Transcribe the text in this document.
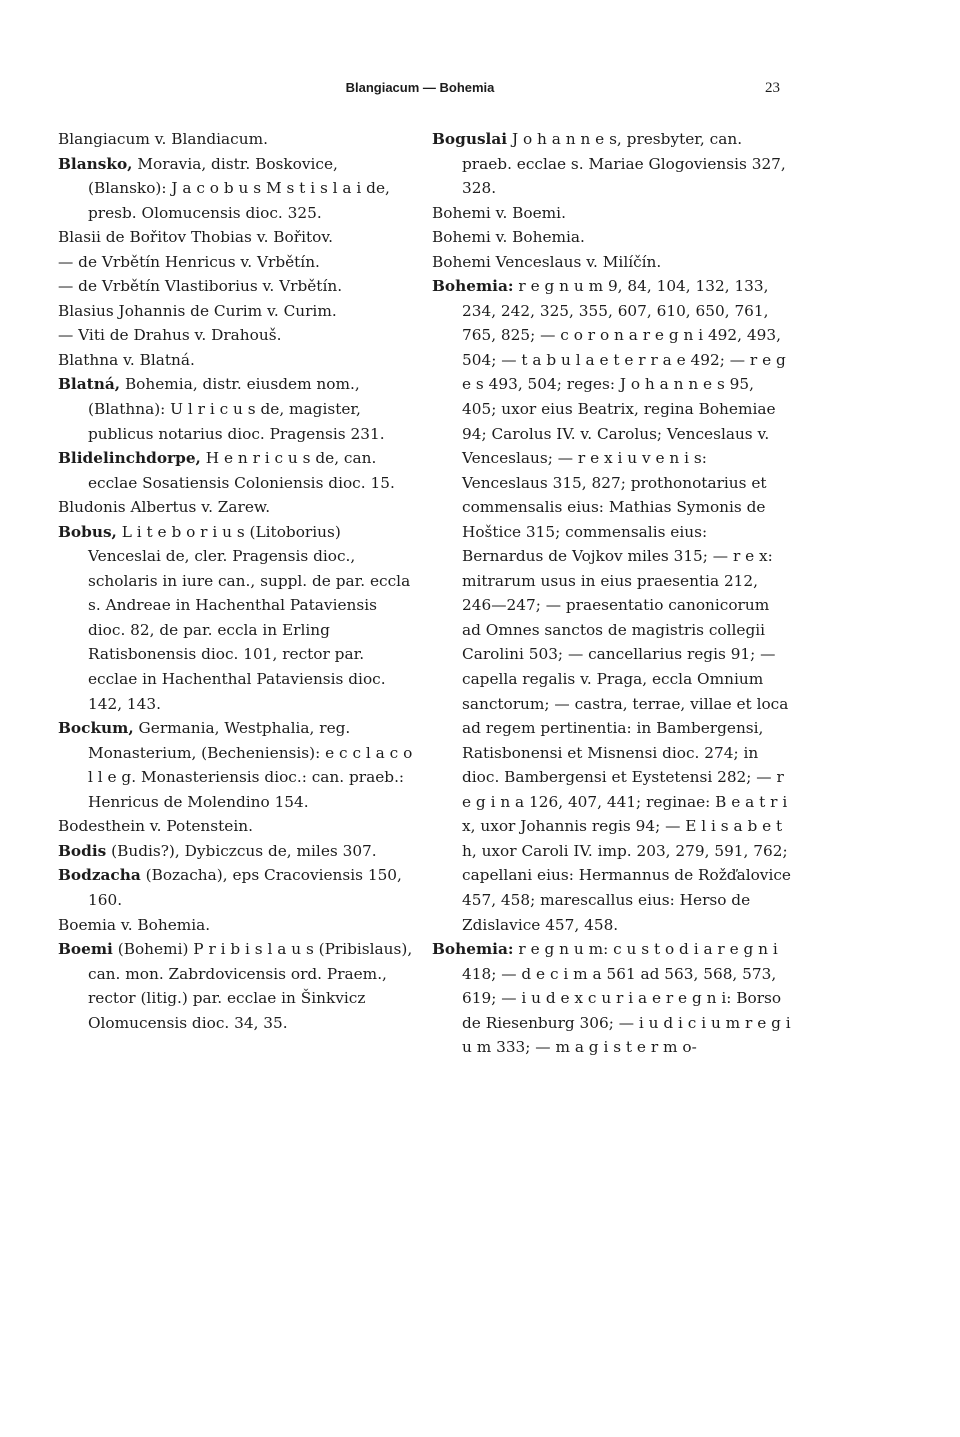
Blangiacum — Bohemia	23

Blangiacum v. Blandiacum.

Blansko, Moravia, distr. Boskovice, (Blansko): J a c o b u s M s t i s l a i de, presb. Olomucensis dioc. 325.

Blasii de Bořitov Thobias v. Bořitov.

— de Vrbětín Henricus v. Vrbětín.

— de Vrbětín Vlastiborius v. Vrbětín.

Blasius Johannis de Curim v. Curim.

— Viti de Drahus v. Drahouš.

Blathna v. Blatná.

Blatná, Bohemia, distr. eiusdem nom., (Blathna): U l r i c u s de, magister, publicus notarius dioc. Pragensis 231.

Blidelinchdorpe, H e n r i c u s de, can. ecclae Sosatiensis Coloniensis dioc. 15.

Bludonis Albertus v. Zarew.

Bobus, L i t e b o r i u s (Litoborius) Venceslai de, cler. Pragensis dioc., scholaris in iure can., suppl. de par. eccla s. Andreae in Hachenthal Pataviensis dioc. 82, de par. eccla in Erling Ratisbonensis dioc. 101, rector par. ecclae in Hachenthal Pataviensis dioc. 142, 143.

Bockum, Germania, Westphalia, reg. Monasterium, (Becheniensis): e c c l a c o l l e g. Monasteriensis dioc.: can. praeb.: Henricus de Molendino 154.

Bodesthein v. Potenstein.

Bodis (Budis?), Dybiczcus de, miles 307.

Bodzacha (Bozacha), eps Cracoviensis 150, 160.

Boemia v. Bohemia.

Boemi (Bohemi) P r i b i s l a u s (Pribislaus), can. mon. Zabrdovicensis ord. Praem., rector (litig.) par. ecclae in Šinkvicz Olomucensis dioc. 34, 35.

Boguslai J o h a n n e s, presbyter, can. praeb. ecclae s. Mariae Glogoviensis 327, 328.

Bohemi v. Boemi.

Bohemi v. Bohemia.

Bohemi Venceslaus v. Milíčín.

Bohemia: r e g n u m 9, 84, 104, 132, 133, 234, 242, 325, 355, 607, 610, 650, 761, 765, 825; — c o r o n a r e g n i 492, 493, 504; — t a b u l a e t e r r a e 492; — r e g e s 493, 504; reges: J o h a n n e s 95, 405; uxor eius Beatrix, regina Bohemiae 94; Carolus IV. v. Carolus; Venceslaus v. Venceslaus; — r e x i u v e n i s: Venceslaus 315, 827; prothonotarius et commensalis eius: Mathias Symonis de Hoštice 315; commensalis eius: Bernardus de Vojkov miles 315; — r e x: mitrarum usus in eius praesentia 212, 246—247; — praesentatio canonicorum ad Omnes sanctos de magistris collegii Carolini 503; — cancellarius regis 91; — capella regalis v. Praga, eccla Omnium sanctorum; — castra, terrae, villae et loca ad regem pertinentia: in Bambergensi, Ratisbonensi et Misnensi dioc. 274; in dioc. Bambergensi et Eystetensi 282; — r e g i n a 126, 407, 441; reginae: B e a t r i x, uxor Johannis regis 94; — E l i s a b e t h, uxor Caroli IV. imp. 203, 279, 591, 762; capellani eius: Hermannus de Rožďalovice 457, 458; marescallus eius: Herso de Zdislavice 457, 458.

Bohemia: r e g n u m: c u s t o d i a r e g n i 418; — d e c i m a 561 ad 563, 568, 573, 619; — i u d e x c u r i a e r e g n i: Borso de Riesenburg 306; — i u d i c i u m r e g i u m 333; — m a g i s t e r m o-
